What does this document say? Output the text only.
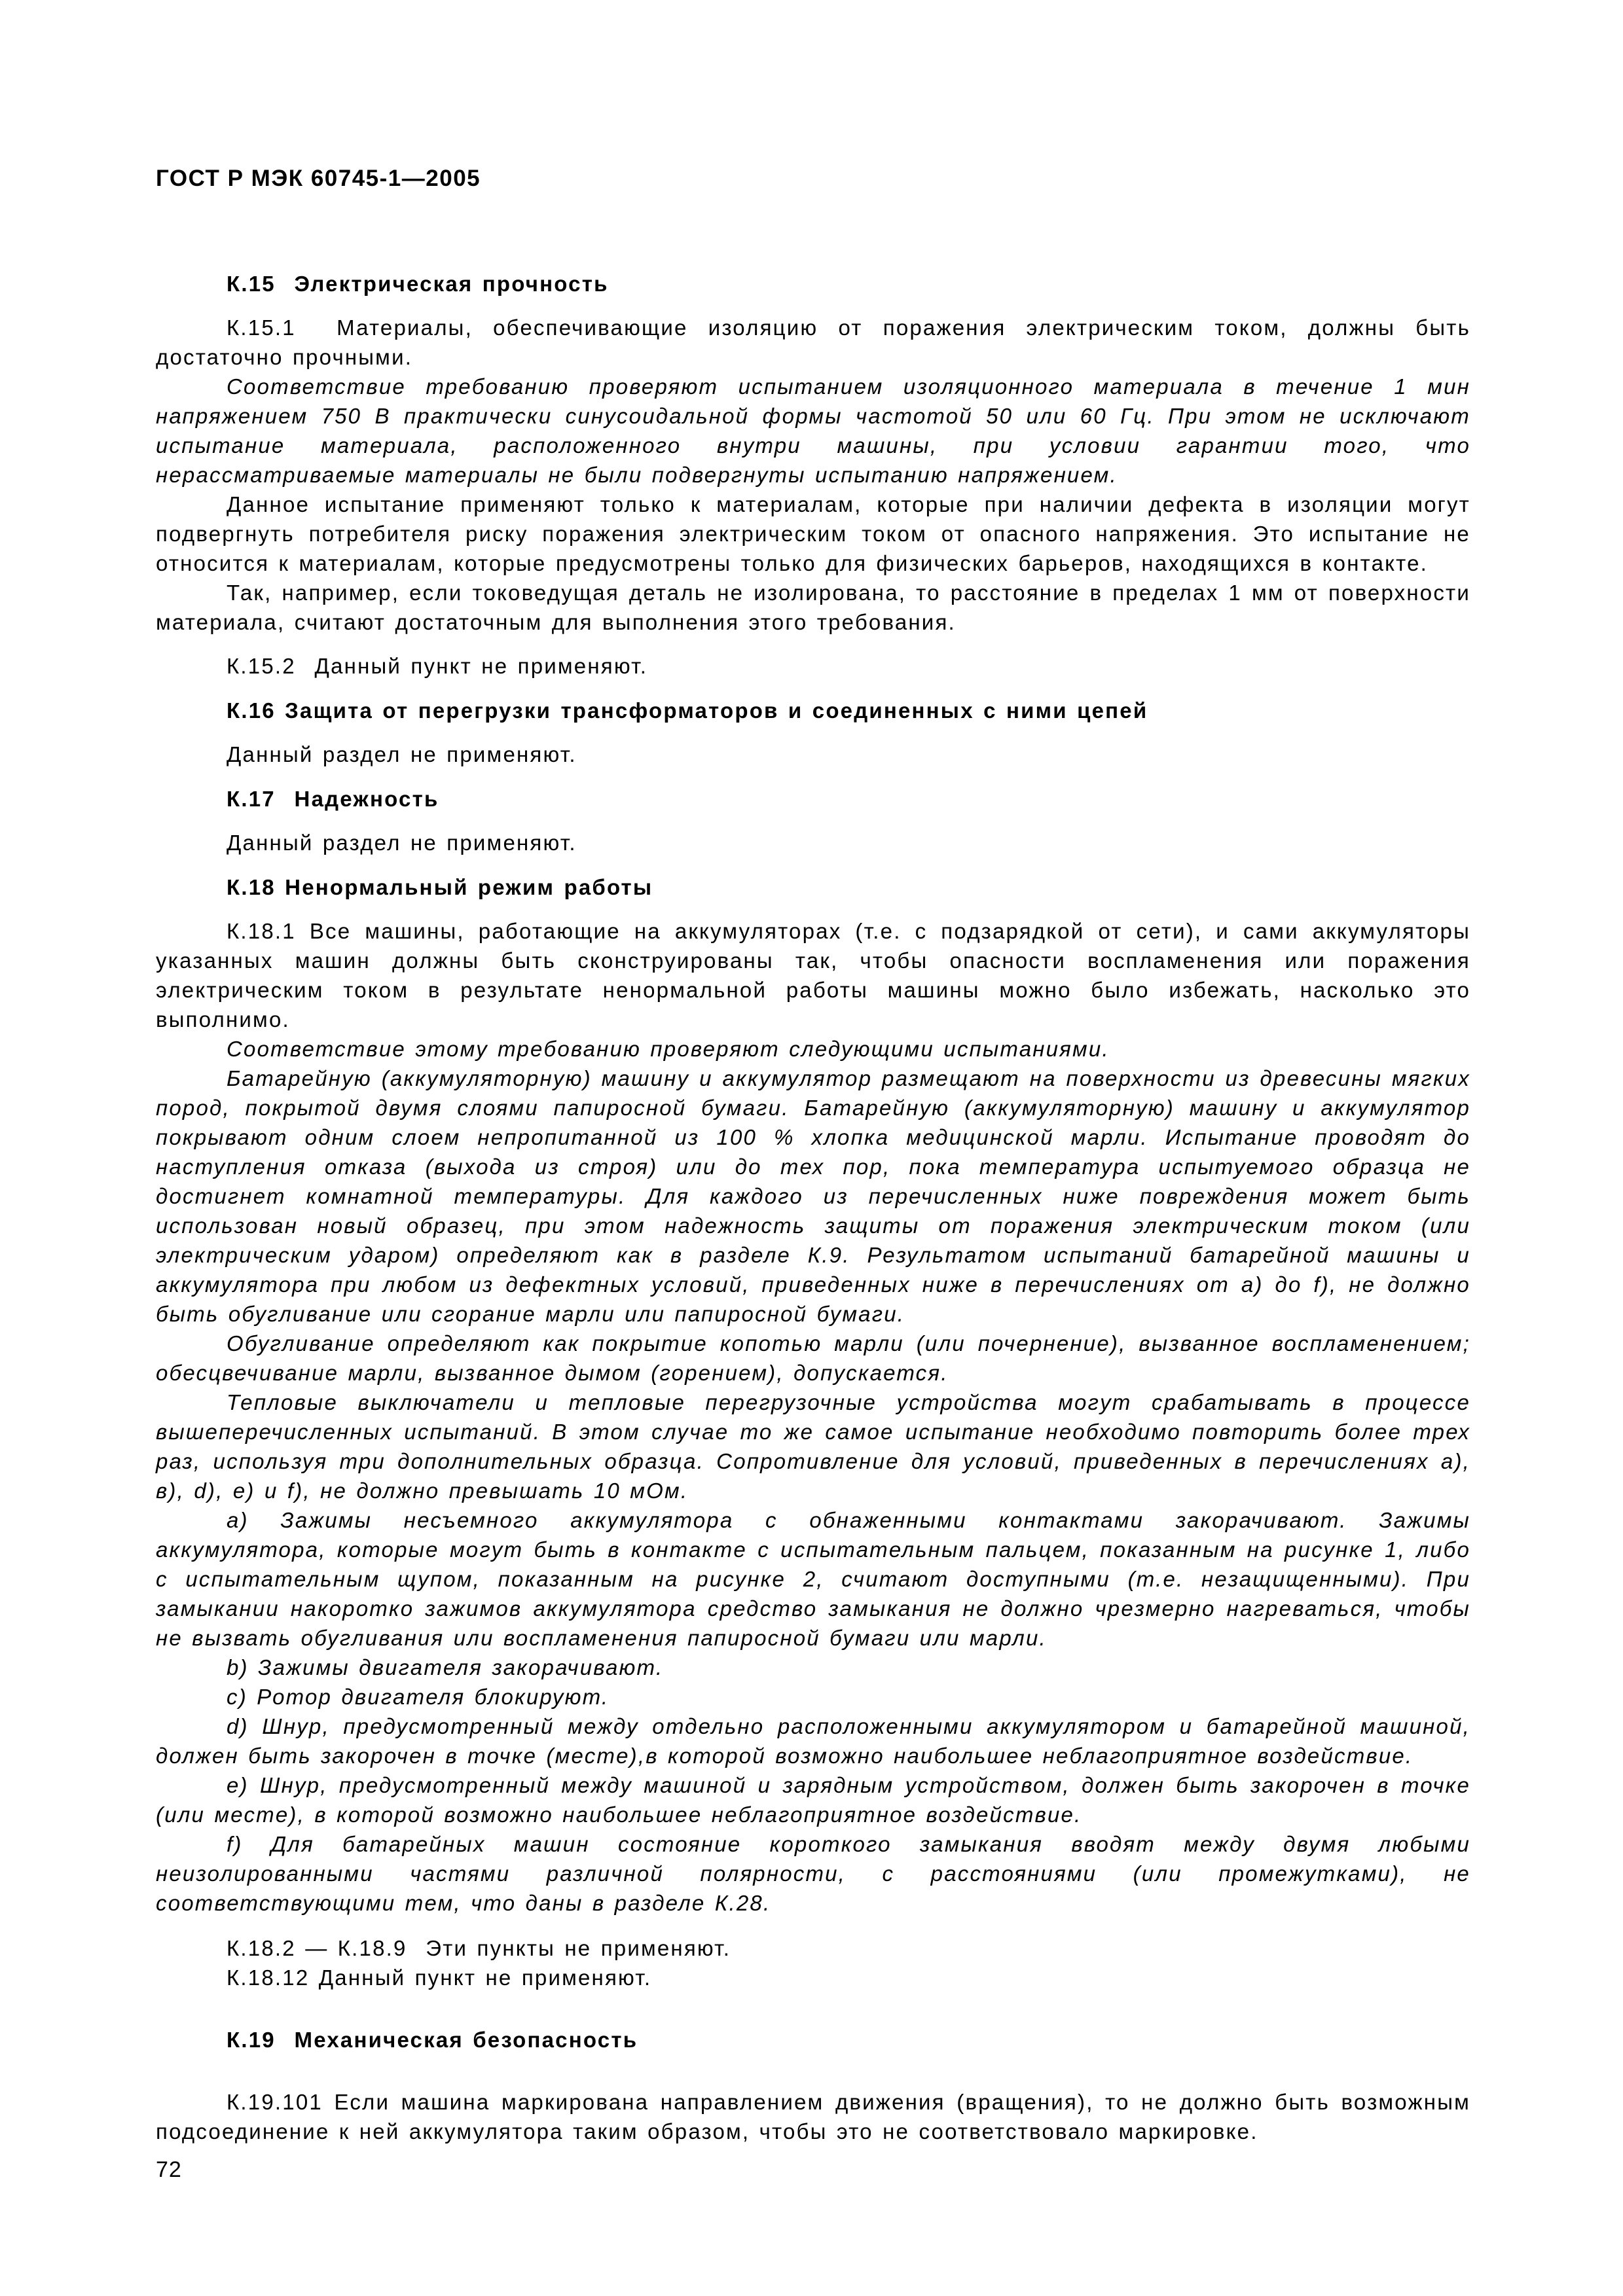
ГОСТ Р МЭК 60745-1—2005

К.15  Электрическая прочность

К.15.1  Материалы, обеспечивающие изоляцию от поражения электрическим током, должны быть достаточно прочными.

Соответствие требованию проверяют испытанием изоляционного материала в течение 1 мин напряжением 750 В практически синусоидальной формы частотой 50 или 60 Гц. При этом не исключают испытание материала, расположенного внутри машины, при условии гарантии того, что нерассматриваемые материалы не были подвергнуты испытанию напряжением.

Данное испытание применяют только к материалам, которые при наличии дефекта в изоляции могут подвергнуть потребителя риску поражения электрическим током от опасного напряжения. Это испытание не относится к материалам, которые предусмотрены только для физических барьеров, находящихся в контакте.

Так, например, если токоведущая деталь не изолирована, то расстояние в пределах 1 мм от поверхности материала, считают достаточным для выполнения этого требования.

К.15.2  Данный пункт не применяют.

К.16 Защита от перегрузки трансформаторов и соединенных с ними цепей

Данный раздел не применяют.

К.17  Надежность

Данный раздел не применяют.

К.18 Ненормальный режим работы

К.18.1 Все машины, работающие на аккумуляторах (т.е. с подзарядкой от сети), и сами аккумуляторы указанных машин должны быть сконструированы так, чтобы опасности воспламенения или поражения электрическим током в результате ненормальной работы машины можно было избежать, насколько это выполнимо.

Соответствие этому требованию проверяют следующими испытаниями.

Батарейную (аккумуляторную) машину и аккумулятор размещают на поверхности из древесины мягких пород, покрытой двумя слоями папиросной бумаги. Батарейную (аккумуляторную) машину и аккумулятор покрывают одним слоем непропитанной из 100 % хлопка медицинской марли. Испытание проводят до наступления отказа (выхода из строя) или до тех пор, пока температура испытуемого образца не достигнет комнатной температуры. Для каждого из перечисленных ниже повреждения может быть использован новый образец, при этом надежность защиты от поражения электрическим током (или электрическим ударом) определяют как в разделе К.9. Результатом испытаний батарейной машины и аккумулятора при любом из дефектных условий, приведенных ниже в перечислениях от а) до f), не должно быть обугливание или сгорание марли или папиросной бумаги.

Обугливание определяют как покрытие копотью марли (или почернение), вызванное воспламенением; обесцвечивание марли, вызванное дымом (горением), допускается.

Тепловые выключатели и тепловые перегрузочные устройства могут срабатывать в процессе вышеперечисленных испытаний. В этом случае то же самое испытание необходимо повторить более трех раз, используя три дополнительных образца. Сопротивление для условий, приведенных в перечислениях а), в), d), е) и f), не должно превышать 10 мОм.

а) Зажимы несъемного аккумулятора с обнаженными контактами закорачивают. Зажимы аккумулятора, которые могут быть в контакте с испытательным пальцем, показанным на рисунке 1, либо с испытательным щупом, показанным на рисунке 2, считают доступными (т.е. незащищенными). При замыкании накоротко зажимов аккумулятора средство замыкания не должно чрезмерно нагреваться, чтобы не вызвать обугливания или воспламенения папиросной бумаги или марли.

b) Зажимы двигателя закорачивают.

с) Ротор двигателя блокируют.

d) Шнур, предусмотренный между отдельно расположенными аккумулятором и батарейной машиной, должен быть закорочен в точке (месте),в которой возможно наибольшее неблагоприятное воздействие.

е) Шнур, предусмотренный между машиной и зарядным устройством, должен быть закорочен в точке (или месте), в которой возможно наибольшее неблагоприятное воздействие.

f) Для батарейных машин состояние короткого замыкания вводят между двумя любыми неизолированными частями различной полярности, с расстояниями (или промежутками), не соответствующими тем, что даны в разделе К.28.

К.18.2 — К.18.9  Эти пункты не применяют.

К.18.12 Данный пункт не применяют.

К.19  Механическая безопасность

К.19.101 Если машина маркирована направлением движения (вращения), то не должно быть возможным подсоединение к ней аккумулятора таким образом, чтобы это не соответствовало маркировке.

72
